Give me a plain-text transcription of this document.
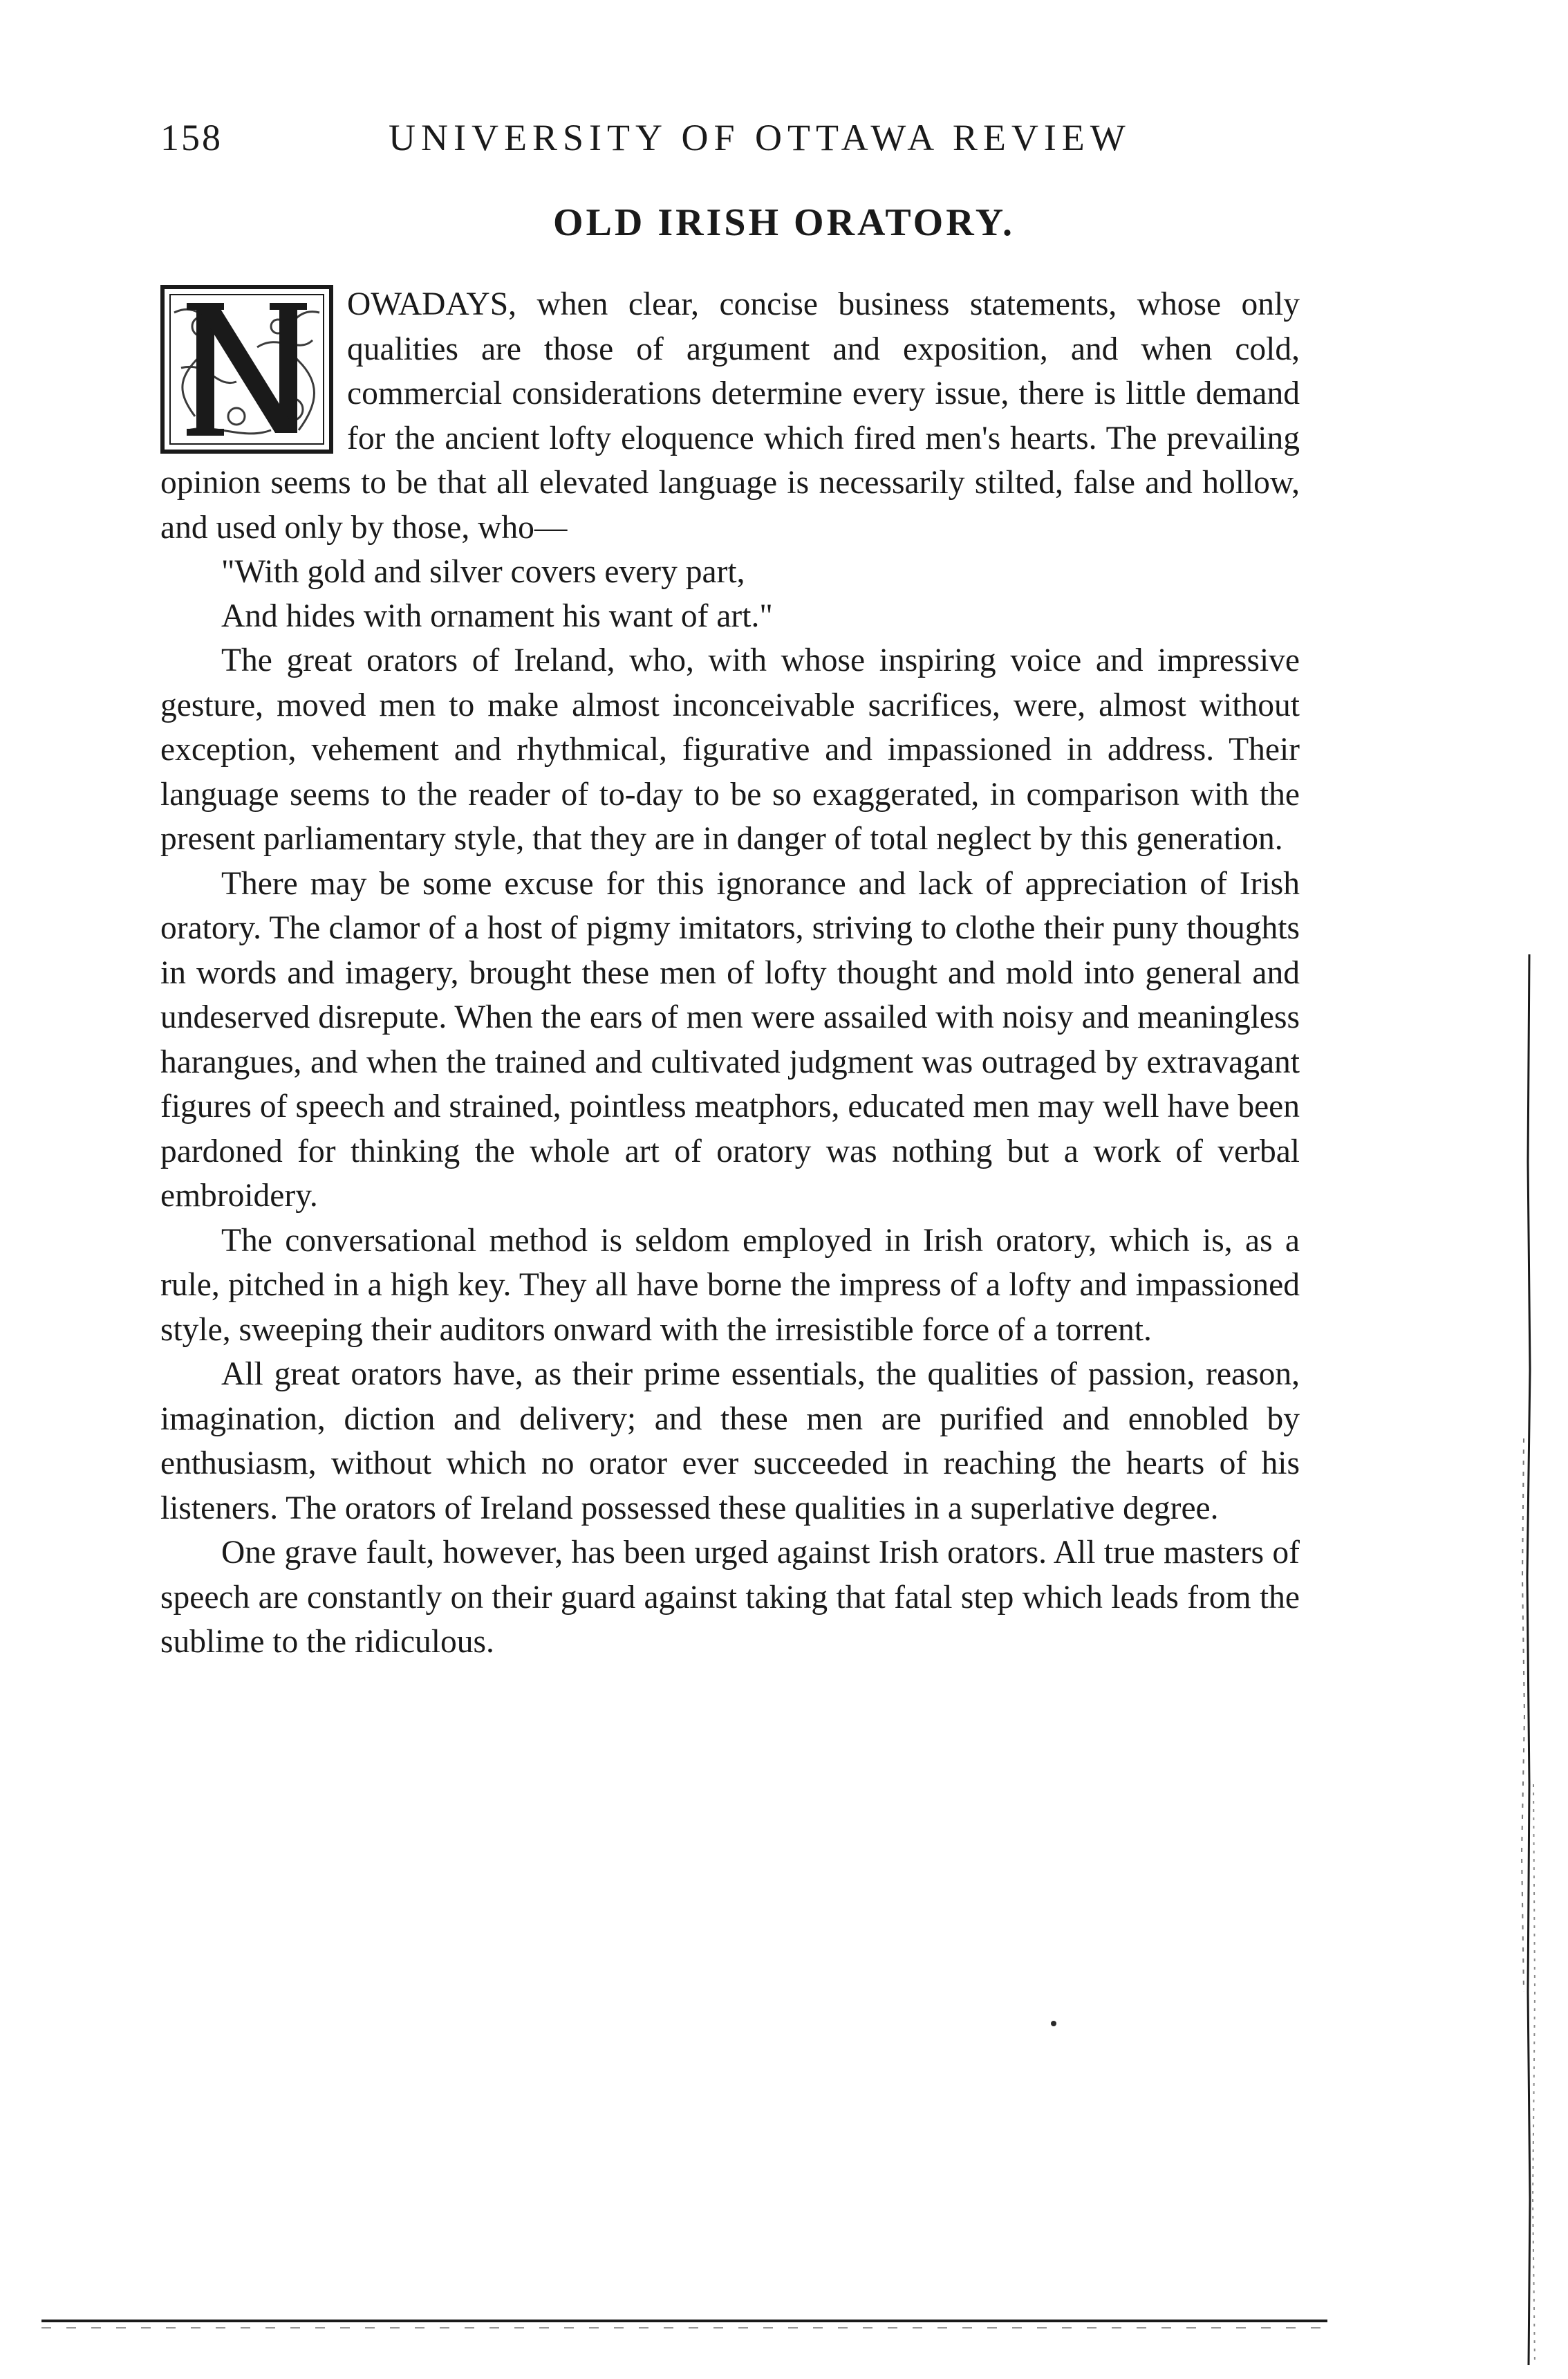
158	UNIVERSITY OF OTTAWA REVIEW
OLD IRISH ORATORY.

OWADAYS, when clear, concise business statements, whose only qualities are those of argument and exposition, and when cold, commercial considerations determine every issue, there is little demand for the ancient lofty eloquence which fired men's hearts. The prevailing opinion seems to be that all elevated language is necessarily stilted, false and hollow, and used only by those, who—

"With gold and silver covers every part,
And hides with ornament his want of art."

The great orators of Ireland, who, with whose inspiring voice and impressive gesture, moved men to make almost inconceivable sacrifices, were, almost without exception, vehement and rhythmical, figurative and impassioned in address. Their language seems to the reader of to-day to be so exaggerated, in comparison with the present parliamentary style, that they are in danger of total neglect by this generation.

There may be some excuse for this ignorance and lack of appreciation of Irish oratory. The clamor of a host of pigmy imitators, striving to clothe their puny thoughts in words and imagery, brought these men of lofty thought and mold into general and undeserved disrepute. When the ears of men were assailed with noisy and meaningless harangues, and when the trained and cultivated judgment was outraged by extravagant figures of speech and strained, pointless meatphors, educated men may well have been pardoned for thinking the whole art of oratory was nothing but a work of verbal embroidery.

The conversational method is seldom employed in Irish oratory, which is, as a rule, pitched in a high key. They all have borne the impress of a lofty and impassioned style, sweeping their auditors onward with the irresistible force of a torrent.

All great orators have, as their prime essentials, the qualities of passion, reason, imagination, diction and delivery; and these men are purified and ennobled by enthusiasm, without which no orator ever succeeded in reaching the hearts of his listeners. The orators of Ireland possessed these qualities in a superlative degree.

One grave fault, however, has been urged against Irish orators. All true masters of speech are constantly on their guard against taking that fatal step which leads from the sublime to the ridiculous.
